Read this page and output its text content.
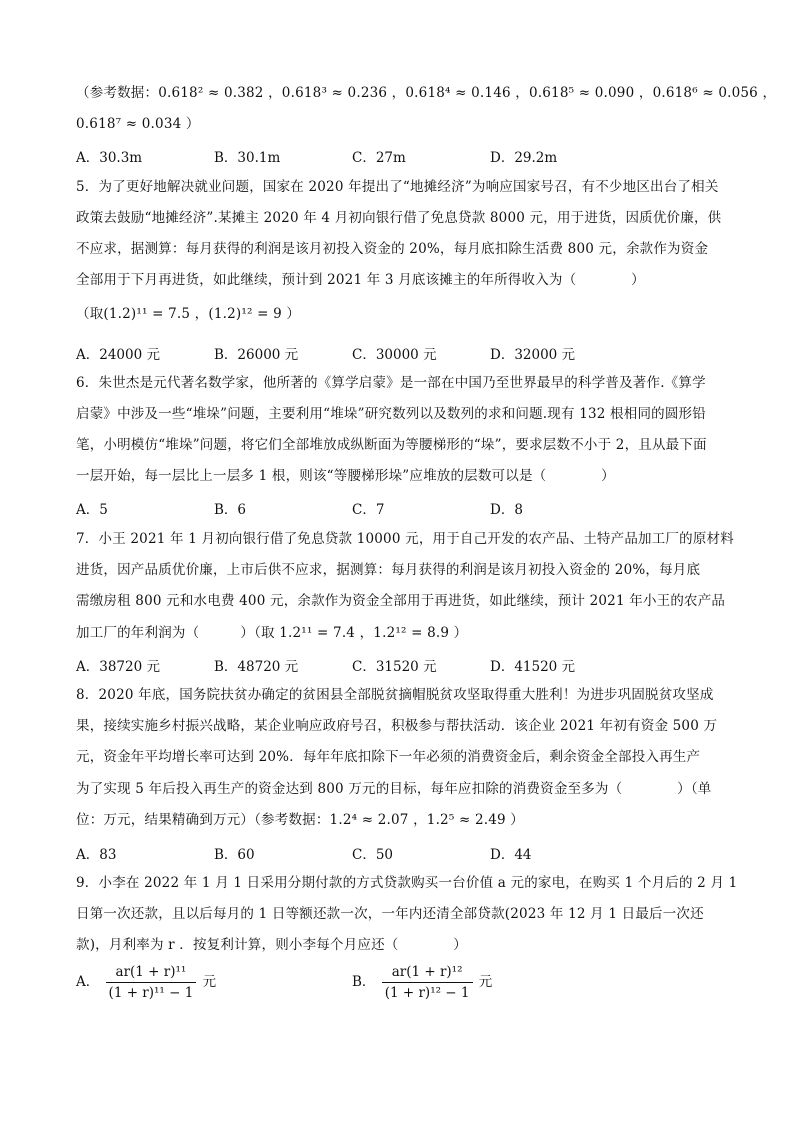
（参考数据：0.618² ≈ 0.382 ，0.618³ ≈ 0.236 ，0.618⁴ ≈ 0.146 ，0.618⁵ ≈ 0.090 ，0.618⁶ ≈ 0.056 ，
0.618⁷ ≈ 0.034 ）
A．30.3m	B．30.1m	C．27m	D．29.2m
5．为了更好地解决就业问题，国家在 2020 年提出了“地摊经济”为响应国家号召，有不少地区出台了相关
政策去鼓励“地摊经济”.某摊主 2020 年 4 月初向银行借了免息贷款 8000 元，用于进货，因质优价廉，供
不应求，据测算：每月获得的利润是该月初投入资金的 20%，每月底扣除生活费 800 元，余款作为资金
全部用于下月再进货，如此继续，预计到 2021 年 3 月底该摊主的年所得收入为（　　　　）
（取(1.2)¹¹ = 7.5 ，(1.2)¹² = 9 ）
A．24000 元	B．26000 元	C．30000 元	D．32000 元
6．朱世杰是元代著名数学家，他所著的《算学启蒙》是一部在中国乃至世界最早的科学普及著作.《算学
启蒙》中涉及一些“堆垛”问题，主要利用“堆垛”研究数列以及数列的求和问题.现有 132 根相同的圆形铅
笔，小明模仿“堆垛”问题，将它们全部堆放成纵断面为等腰梯形的“垛”，要求层数不小于 2，且从最下面
一层开始，每一层比上一层多 1 根，则该“等腰梯形垛”应堆放的层数可以是（　　　　）
A．5	B．6	C．7	D．8
7．小王 2021 年 1 月初向银行借了免息贷款 10000 元，用于自己开发的农产品、土特产品加工厂的原材料
进货，因产品质优价廉，上市后供不应求，据测算：每月获得的利润是该月初投入资金的 20%，每月底
需缴房租 800 元和水电费 400 元，余款作为资金全部用于再进货，如此继续，预计 2021 年小王的农产品
加工厂的年利润为（　　　）（取 1.2¹¹ = 7.4 ，1.2¹² = 8.9 ）
A．38720 元	B．48720 元	C．31520 元	D．41520 元
8．2020 年底，国务院扶贫办确定的贫困县全部脱贫摘帽脱贫攻坚取得重大胜利！为进步巩固脱贫攻坚成
果，接续实施乡村振兴战略，某企业响应政府号召，积极参与帮扶活动．该企业 2021 年初有资金 500 万
元，资金年平均增长率可达到 20%．每年年底扣除下一年必须的消费资金后，剩余资金全部投入再生产
为了实现 5 年后投入再生产的资金达到 800 万元的目标，每年应扣除的消费资金至多为（　　　　）（单
位：万元，结果精确到万元）（参考数据：1.2⁴ ≈ 2.07 ，1.2⁵ ≈ 2.49 ）
A．83	B．60	C．50	D．44
9．小李在 2022 年 1 月 1 日采用分期付款的方式贷款购买一台价值 a 元的家电，在购买 1 个月后的 2 月 1
日第一次还款，且以后每月的 1 日等额还款一次，一年内还清全部贷款(2023 年 12 月 1 日最后一次还
款)，月利率为 r ．按复利计算，则小李每个月应还（　　　　）
A． $\frac{\text{ar(1 + r)¹¹}}{\text{(1 + r)¹¹ − 1}}$ 元	B． $\frac{\text{ar(1 + r)¹²}}{\text{(1 + r)¹² − 1}}$ 元
